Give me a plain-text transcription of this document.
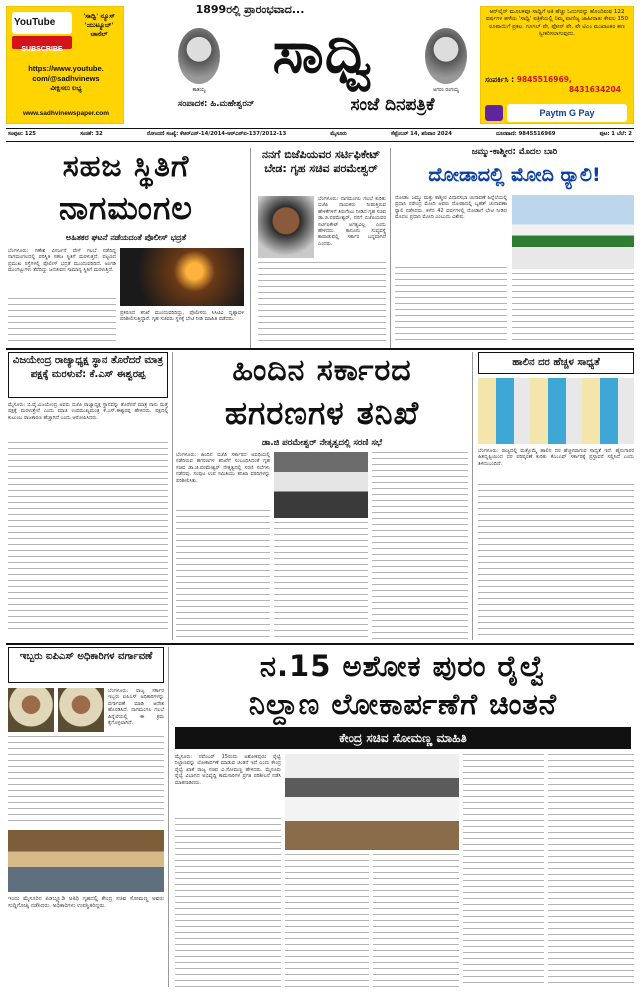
YouTube
SUBSCRIBE
'ಸಾಧ್ವಿ' ನ್ಯೂಸ್
'ಯುಟ್ಯೂಬ್'
ಚಾನೆಲ್
https://www.youtube.
com/@sadhvinews
ವೀಕ್ಷಿಸಲು ಲಭ್ಯ
www.sadhvinewspaper.com
1899ರಲ್ಲಿ ಪ್ರಾರಂಭವಾದ...
ತಾತಯ್ಯ
ಸಾಧ್ವಿ
ಅಗರಂ ರಂಗಯ್ಯ
ಸಂಪಾದಕ: ಹಿ.ಮಹೇಶ್ವರನ್	ಸಂಜೆ ದಿನಪತ್ರಿಕೆ
ಆನ್‌ಲೈನ್ ಮೂಲಕವೂ ಸಾಧ್ವಿಗೆ ಅತಿ ಹೆಚ್ಚು ಓದುಗರನ್ನು ಹೊಂದಿರುವ 122 ವರ್ಷಗಳ ಹಳೆಯ 'ಸಾಧ್ವಿ' ಪತ್ರಿಕೆಯಲ್ಲಿ ನಿಮ್ಮ ವಾಣಿಜ್ಯ ಜಾಹೀರಾತು ಕೇವಲ 150 ರೂಪಾಯಿಗೆ ಪ್ರಕಟ. ಗೂಗಲ್ ಪೇ, ಫೋನ್ ಪೇ, ಪೇ ಟಿಎಂ ಮುಖಾಂತರ ಹಣ ಸ್ವೀಕರಿಸಲಾಗುವುದು.
ಸಂಪರ್ಕಿಸಿ : 9845516969,
8431634204
Paytm G Pay
ಸಂಪುಟ: 125	ಸಂಚಿಕೆ: 32	ರೋಂದಣಿ ಸಂಖ್ಯೆ: ಕೆಆರ್‌ಎನ್-14/2014-ಆರ್‌ಎನ್‌ಐ-137/2012-13	ಮೈಸೂರು	ಸೆಪ್ಟೆಂಬರ್ 14, ಶನಿವಾರ 2024	ದೂರವಾಣಿ: 9845516969	ಪುಟ: 1 ಬೆಲೆ: 2
ಸಹಜ ಸ್ಥಿತಿಗೆ
ನಾಗಮಂಗಲ
ಅಹಿತಕರ ಘಟನೆ ನಡೆಯದಂತೆ ಪೊಲೀಸ್ ಭದ್ರತೆ
ಬೆಂಗಳೂರು: ಗಣೇಶ ವಿಸರ್ಜನೆ ವೇಳೆ ಗಲಭೆ ನಡೆದಿದ್ದ ನಾಗಮಂಗಲದಲ್ಲಿ ಪರಿಸ್ಥಿತಿ ಸಹಜ ಸ್ಥಿತಿಗೆ ಮರಳುತ್ತಿದೆ. ಪಟ್ಟಣದ ಪ್ರಮುಖ ರಸ್ತೆಗಳಲ್ಲಿ ಪೊಲೀಸ್ ಭದ್ರತೆ ಮುಂದುವರಿದಿದೆ. ಅಂಗಡಿ ಮುಂಗಟ್ಟುಗಳು ತೆರೆದಿದ್ದು ಜನಜೀವನ ಸಾಮಾನ್ಯ ಸ್ಥಿತಿಗೆ ಮರಳುತ್ತಿದೆ.
ಪ್ರಕರಣದ ತನಿಖೆ ಮುಂದುವರಿದಿದ್ದು, ಪೊಲೀಸರು ಸಿಸಿಟಿವಿ ದೃಶ್ಯಾವಳಿ ಪರಿಶೀಲಿಸುತ್ತಿದ್ದಾರೆ. ಗೃಹ ಸಚಿವರು ಸ್ಥಳಕ್ಕೆ ಭೇಟಿ ನೀಡಿ ಮಾಹಿತಿ ಪಡೆದರು.
ನನಗೆ ಬಿಜೆಪಿಯವರ ಸರ್ಟಿಫಿಕೇಟ್ ಬೇಡ: ಗೃಹ ಸಚಿವ ಪರಮೇಶ್ವರ್
ಬೆಂಗಳೂರು: ನಾಗಮಂಗಲ ಗಲಭೆ ಕುರಿತು ಬಿಜೆಪಿ ನಾಯಕರು ನೀಡುತ್ತಿರುವ ಹೇಳಿಕೆಗಳಿಗೆ ತಿರುಗೇಟು ನೀಡಿದ ಗೃಹ ಸಚಿವ ಡಾ.ಜಿ.ಪರಮೇಶ್ವರ್, ನನಗೆ ಬಿಜೆಪಿಯವರ ಸರ್ಟಿಫಿಕೇಟ್ ಅಗತ್ಯವಿಲ್ಲ ಎಂದು ಹೇಳಿದರು. ಕಾನೂನು ಸುವ್ಯವಸ್ಥೆ ಕಾಪಾಡುವಲ್ಲಿ ಸರ್ಕಾರ ಬದ್ಧವಾಗಿದೆ ಎಂದರು.
ಜಮ್ಮು-ಕಾಶ್ಮೀರ: ಮೊದಲ ಬಾರಿ
ದೋಡಾದಲ್ಲಿ ಮೋದಿ ರ‍್ಯಾಲಿ!
ದೋಡಾ: ಜಮ್ಮು ಮತ್ತು ಕಾಶ್ಮೀರ ವಿಧಾನಸಭಾ ಚುನಾವಣೆ ಹಿನ್ನೆಲೆಯಲ್ಲಿ ಪ್ರಧಾನಿ ನರೇಂದ್ರ ಮೋದಿ ಅವರು ದೋಡಾದಲ್ಲಿ ಬೃಹತ್ ಚುನಾವಣಾ ರ‍್ಯಾಲಿ ನಡೆಸಿದರು. ಕಳೆದ 42 ವರ್ಷಗಳಲ್ಲಿ ದೋಡಾಗೆ ಭೇಟಿ ನೀಡಿದ ಮೊದಲ ಪ್ರಧಾನಿ ಮೋದಿ ಎಂಬುದು ವಿಶೇಷ.
ವಿಜಯೇಂದ್ರ ರಾಜ್ಯಾಧ್ಯಕ್ಷ ಸ್ಥಾನ ತೊರೆದರೆ ಮಾತ್ರ ಪಕ್ಷಕ್ಕೆ ಮರಳುವೆ: ಕೆ.ಎಸ್ ಈಶ್ವರಪ್ಪ
ಮೈಸೂರು: ಬಿ.ವೈ.ವಿಜಯೇಂದ್ರ ಅವರು ಬಿಜೆಪಿ ರಾಜ್ಯಾಧ್ಯಕ್ಷ ಸ್ಥಾನವನ್ನು ತೊರೆದರೆ ಮಾತ್ರ ನಾನು ಮತ್ತೆ ಪಕ್ಷಕ್ಕೆ ಮರಳುತ್ತೇನೆ ಎಂದು ಮಾಜಿ ಉಪಮುಖ್ಯಮಂತ್ರಿ ಕೆ.ಎಸ್.ಈಶ್ವರಪ್ಪ ಹೇಳಿದರು. ಪಕ್ಷದಲ್ಲಿ ಕುಟುಂಬ ರಾಜಕಾರಣ ಹೆಚ್ಚಾಗಿದೆ ಎಂದು ಆರೋಪಿಸಿದರು.
ಹಿಂದಿನ ಸರ್ಕಾರದ
ಹಗರಣಗಳ ತನಿಖೆ
ಡಾ.ಜಿ ಪರಮೇಶ್ವರ್ ನೇತೃತ್ವದಲ್ಲಿ ಸರಣಿ ಸಭೆ
ಬೆಂಗಳೂರು: ಹಿಂದಿನ ಬಿಜೆಪಿ ಸರ್ಕಾರದ ಅವಧಿಯಲ್ಲಿ ನಡೆದಿರುವ ಹಗರಣಗಳ ತನಿಖೆಗೆ ಸಂಬಂಧಿಸಿದಂತೆ ಗೃಹ ಸಚಿವ ಡಾ.ಜಿ.ಪರಮೇಶ್ವರ್ ನೇತೃತ್ವದಲ್ಲಿ ಸರಣಿ ಸಭೆಗಳು ನಡೆದವು. ಸಂಪುಟ ಉಪ ಸಮಿತಿಯು ತನಿಖಾ ವರದಿಗಳನ್ನು ಪರಿಶೀಲಿಸಿತು.
ಹಾಲಿನ ದರ ಹೆಚ್ಚಳ ಸಾಧ್ಯತೆ
ಬೆಂಗಳೂರು: ರಾಜ್ಯದಲ್ಲಿ ಮತ್ತೊಮ್ಮೆ ಹಾಲಿನ ದರ ಹೆಚ್ಚಳವಾಗುವ ಸಾಧ್ಯತೆ ಇದೆ. ಹೈನುಗಾರರ ಹಿತದೃಷ್ಟಿಯಿಂದ ದರ ಪರಿಷ್ಕರಣೆ ಕುರಿತು ಕೆಎಂಎಫ್ ಸರ್ಕಾರಕ್ಕೆ ಪ್ರಸ್ತಾವನೆ ಸಲ್ಲಿಸಿದೆ ಎಂದು ತಿಳಿದುಬಂದಿದೆ.
ಇಬ್ಬರು ಐಪಿಎಸ್ ಅಧಿಕಾರಿಗಳ ವರ್ಗಾವಣೆ
ಬೆಂಗಳೂರು: ರಾಜ್ಯ ಸರ್ಕಾರ ಇಬ್ಬರು ಐಪಿಎಸ್ ಅಧಿಕಾರಿಗಳನ್ನು ವರ್ಗಾವಣೆ ಮಾಡಿ ಆದೇಶ ಹೊರಡಿಸಿದೆ. ನಾಗಮಂಗಲ ಗಲಭೆ ಹಿನ್ನೆಲೆಯಲ್ಲಿ ಈ ಕ್ರಮ ಕೈಗೊಳ್ಳಲಾಗಿದೆ.
ಇಂದು ಮೈಸೂರಿನ ಪಿಡಬ್ಲ್ಯೂಡಿ ಅತಿಥಿ ಗೃಹದಲ್ಲಿ ಕೇಂದ್ರ ಸಚಿವ ಸೋಮಣ್ಣ ಅವರು ಸುದ್ದಿಗೋಷ್ಠಿ ನಡೆಸಿದರು. ಅಧಿಕಾರಿಗಳು ಉಪಸ್ಥಿತರಿದ್ದರು.
ನ.15 ಅಶೋಕ ಪುರಂ ರೈಲ್ವೆ
ನಿಲ್ದಾಣ ಲೋಕಾರ್ಪಣೆಗೆ ಚಿಂತನೆ
ಕೇಂದ್ರ ಸಚಿವ ಸೋಮಣ್ಣ ಮಾಹಿತಿ
ಮೈಸೂರು: ನವೆಂಬರ್ 15ರಂದು ಅಶೋಕಪುರಂ ರೈಲ್ವೆ ನಿಲ್ದಾಣವನ್ನು ಲೋಕಾರ್ಪಣೆ ಮಾಡುವ ಚಿಂತನೆ ಇದೆ ಎಂದು ಕೇಂದ್ರ ರೈಲ್ವೆ ಖಾತೆ ರಾಜ್ಯ ಸಚಿವ ವಿ.ಸೋಮಣ್ಣ ಹೇಳಿದರು. ಮೈಸೂರು ರೈಲ್ವೆ ವಿಭಾಗದ ಅಭಿವೃದ್ಧಿ ಕಾಮಗಾರಿಗಳ ಪ್ರಗತಿ ಪರಿಶೀಲನೆ ನಡೆಸಿ ಮಾತನಾಡಿದರು.
